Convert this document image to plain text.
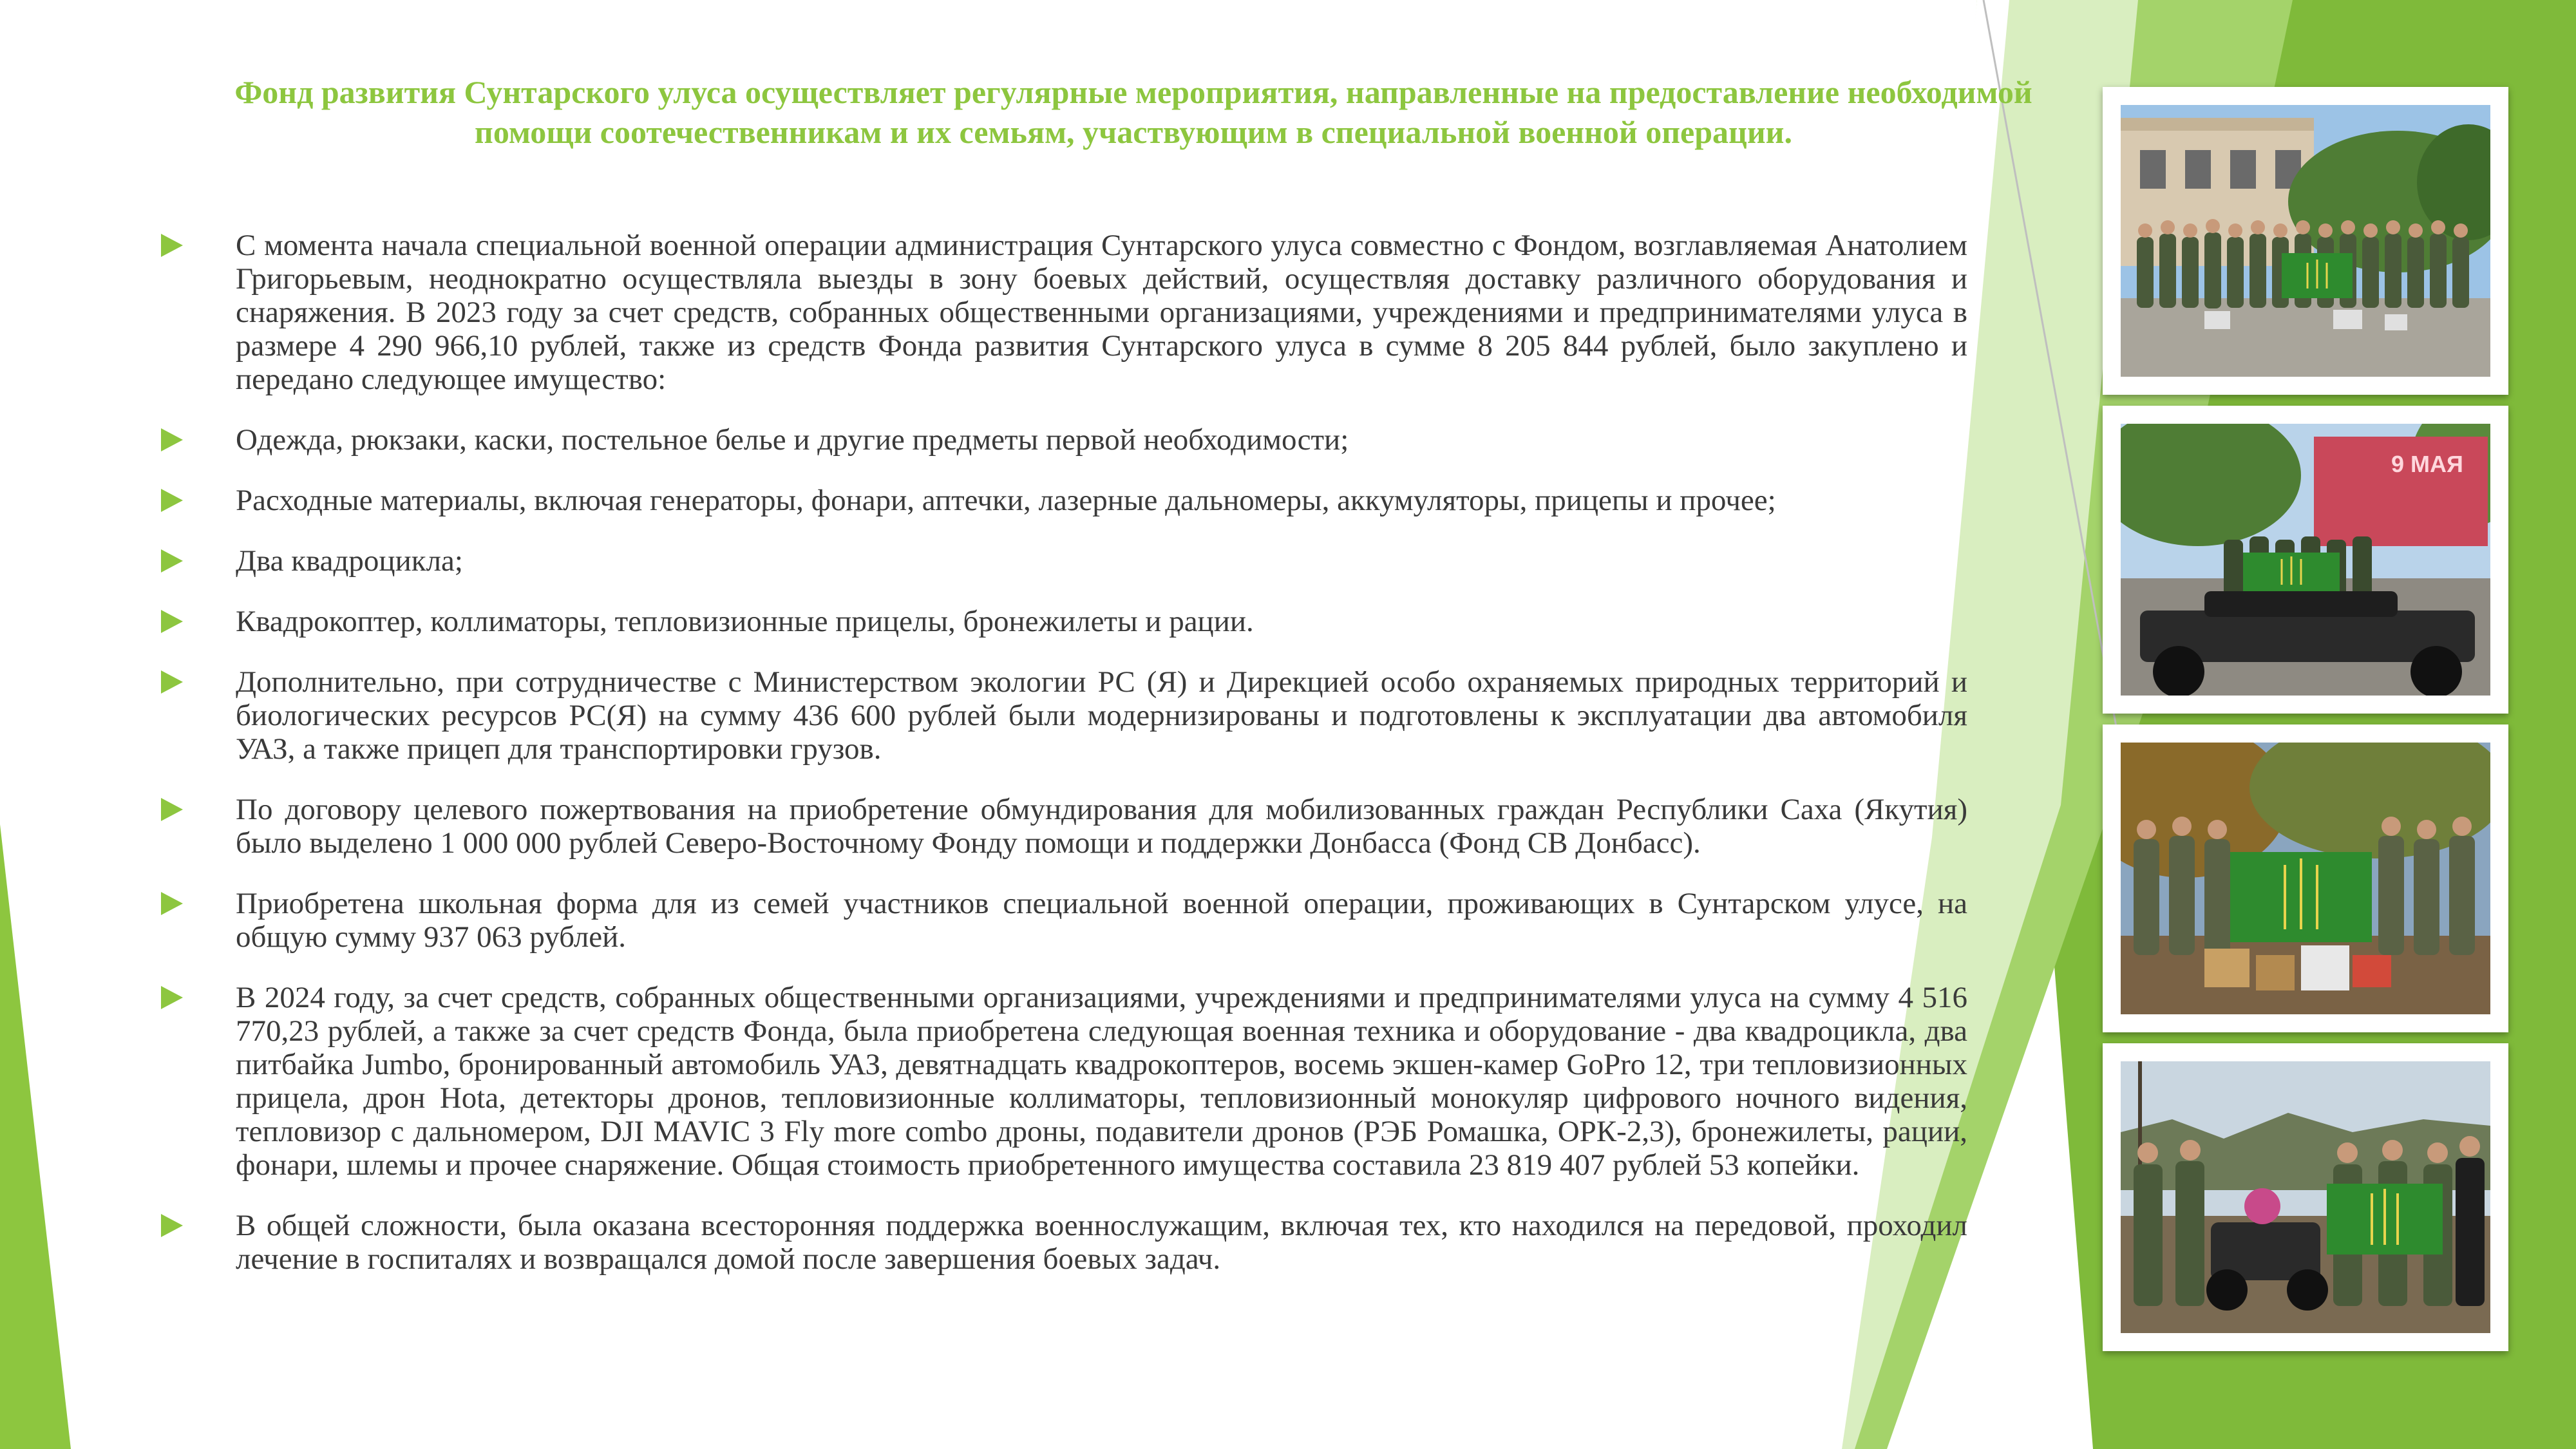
Фонд развития Сунтарского улуса осуществляет регулярные мероприятия, направленные на предоставление необходимой помощи соотечественникам и их семьям, участвующим в специальной военной операции.
С момента начала специальной военной операции администрация Сунтарского улуса совместно с Фондом, возглавляемая Анатолием Григорьевым, неоднократно осуществляла выезды в зону боевых действий, осуществляя доставку различного оборудования и снаряжения. В 2023 году за счет средств, собранных общественными организациями, учреждениями и предпринимателями улуса в размере 4 290 966,10 рублей, также из средств Фонда развития Сунтарского улуса в сумме 8 205 844 рублей, было закуплено и передано следующее имущество:
Одежда, рюкзаки, каски, постельное белье и другие предметы первой необходимости;
Расходные материалы, включая генераторы, фонари, аптечки, лазерные дальномеры, аккумуляторы, прицепы и прочее;
Два квадроцикла;
Квадрокоптер, коллиматоры, тепловизионные прицелы, бронежилеты и рации.
Дополнительно, при сотрудничестве с Министерством экологии РС (Я) и Дирекцией особо охраняемых природных территорий и биологических ресурсов РС(Я) на сумму 436 600 рублей были модернизированы и подготовлены к эксплуатации два автомобиля УАЗ, а также прицеп для транспортировки грузов.
По договору целевого пожертвования на приобретение обмундирования для мобилизованных граждан Республики Саха (Якутия) было выделено 1 000 000 рублей Северо-Восточному Фонду помощи и поддержки Донбасса (Фонд СВ Донбасс).
Приобретена школьная форма для из семей участников специальной военной операции, проживающих в Сунтарском улусе, на общую сумму 937 063 рублей.
В 2024 году, за счет средств, собранных общественными организациями, учреждениями и предпринимателями улуса на сумму 4 516 770,23 рублей, а также за счет средств Фонда, была приобретена следующая военная техника и оборудование - два квадроцикла, два питбайка Jumbo, бронированный автомобиль УАЗ, девятнадцать квадрокоптеров, восемь экшен-камер GoPro 12, три тепловизионных прицела, дрон Hota, детекторы дронов, тепловизионные коллиматоры, тепловизионный монокуляр цифрового ночного видения, тепловизор с дальномером, DJI MAVIC 3 Fly more combo дроны, подавители дронов (РЭБ Ромашка, ОРК-2,3), бронежилеты, рации, фонари, шлемы и прочее снаряжение. Общая стоимость приобретенного имущества составила 23 819 407 рублей 53 копейки.
В общей сложности, была оказана всесторонняя поддержка военнослужащим, включая тех, кто находился на передовой, проходил лечение в госпиталях и возвращался домой после завершения боевых задач.
9 МАЯ
